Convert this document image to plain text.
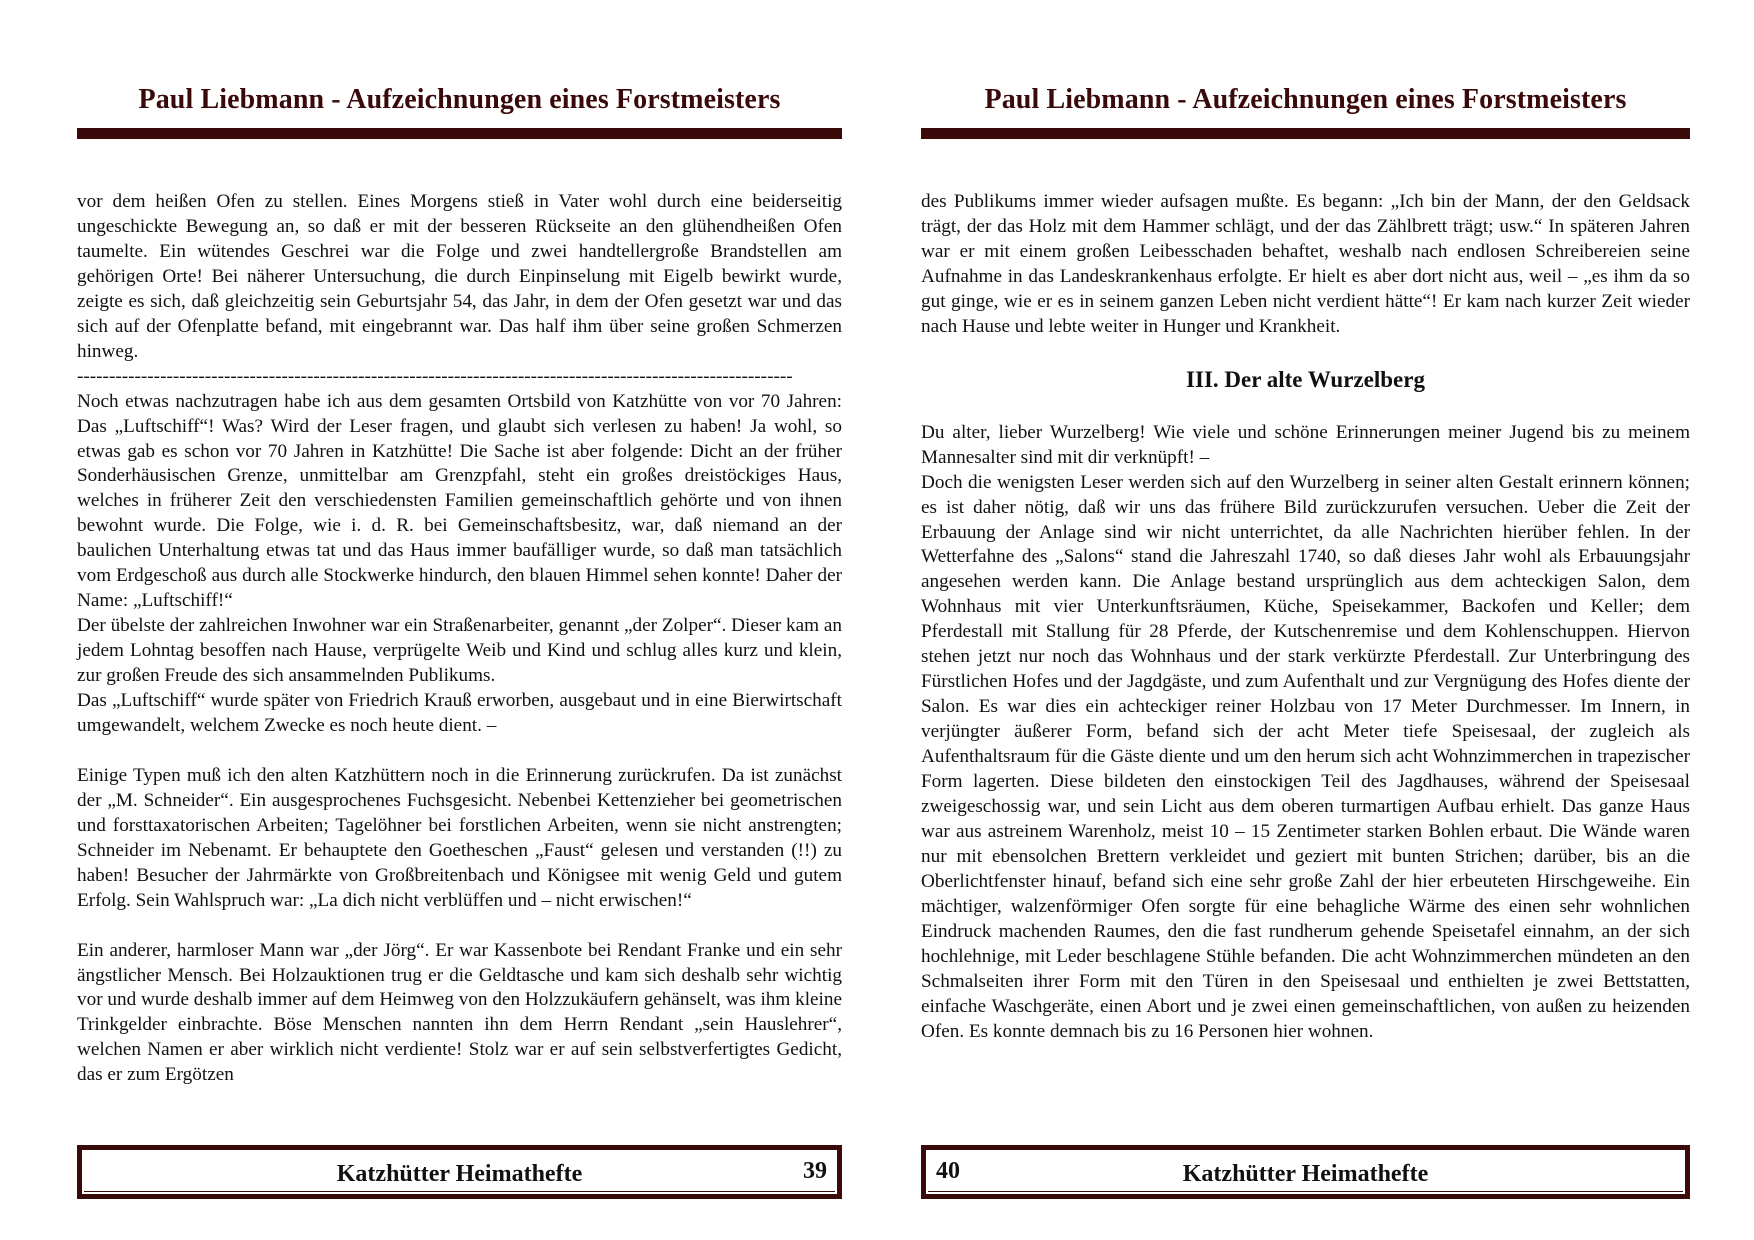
Paul Liebmann - Aufzeichnungen eines Forstmeisters

vor dem heißen Ofen zu stellen. Eines Morgens stieß in Vater wohl durch eine beiderseitig ungeschickte Bewegung an, so daß er mit der besseren Rückseite an den glühendheißen Ofen taumelte. Ein wütendes Geschrei war die Folge und zwei handtellergroße Brandstellen am gehörigen Orte! Bei näherer Untersuchung, die durch Einpinselung mit Eigelb bewirkt wurde, zeigte es sich, daß gleichzeitig sein Geburtsjahr 54, das Jahr, in dem der Ofen gesetzt war und das sich auf der Ofenplatte befand, mit eingebrannt war. Das half ihm über seine großen Schmerzen hinweg.

----------------------------------------------------------------------------------------------------------------

Noch etwas nachzutragen habe ich aus dem gesamten Ortsbild von Katzhütte von vor 70 Jahren: Das „Luftschiff“! Was? Wird der Leser fragen, und glaubt sich verlesen zu haben! Ja wohl, so etwas gab es schon vor 70 Jahren in Katzhütte! Die Sache ist aber folgende: Dicht an der früher Sonderhäusischen Grenze, unmittelbar am Grenzpfahl, steht ein großes dreistöckiges Haus, welches in früherer Zeit den verschiedensten Familien gemeinschaftlich gehörte und von ihnen bewohnt wurde. Die Folge, wie i. d. R. bei Gemeinschaftsbesitz, war, daß niemand an der baulichen Unterhaltung etwas tat und das Haus immer baufälliger wurde, so daß man tatsächlich vom Erdgeschoß aus durch alle Stockwerke hindurch, den blauen Himmel sehen konnte! Daher der Name: „Luftschiff!“

Der übelste der zahlreichen Inwohner war ein Straßenarbeiter, genannt „der Zolper“. Dieser kam an jedem Lohntag besoffen nach Hause, verprügelte Weib und Kind und schlug alles kurz und klein, zur großen Freude des sich ansammelnden Publikums.

Das „Luftschiff“ wurde später von Friedrich Krauß erworben, ausgebaut und in eine Bierwirtschaft umgewandelt, welchem Zwecke es noch heute dient. –

Einige Typen muß ich den alten Katzhüttern noch in die Erinnerung zurückrufen. Da ist zunächst der „M. Schneider“. Ein ausgesprochenes Fuchsgesicht. Nebenbei Kettenzieher bei geometrischen und forsttaxatorischen Arbeiten; Tagelöhner bei forstlichen Arbeiten, wenn sie nicht anstrengten; Schneider im Nebenamt. Er behauptete den Goetheschen „Faust“ gelesen und verstanden (!!) zu haben! Besucher der Jahrmärkte von Großbreitenbach und Königsee mit wenig Geld und gutem Erfolg. Sein Wahlspruch war: „La dich nicht verblüffen und – nicht erwischen!“

Ein anderer, harmloser Mann war „der Jörg“. Er war Kassenbote bei Rendant Franke und ein sehr ängstlicher Mensch. Bei Holzauktionen trug er die Geldtasche und kam sich deshalb sehr wichtig vor und wurde deshalb immer auf dem Heimweg von den Holzzukäufern gehänselt, was ihm kleine Trinkgelder einbrachte. Böse Menschen nannten ihn dem Herrn Rendant „sein Hauslehrer“, welchen Namen er aber wirklich nicht verdiente! Stolz war er auf sein selbstverfertigtes Gedicht, das er zum Ergötzen

Katzhütter Heimathefte	39
Paul Liebmann - Aufzeichnungen eines Forstmeisters

des Publikums immer wieder aufsagen mußte. Es begann: „Ich bin der Mann, der den Geldsack trägt, der das Holz mit dem Hammer schlägt, und der das Zählbrett trägt; usw.“ In späteren Jahren war er mit einem großen Leibesschaden behaftet, weshalb nach endlosen Schreibereien seine Aufnahme in das Landeskrankenhaus erfolgte. Er hielt es aber dort nicht aus, weil – „es ihm da so gut ginge, wie er es in seinem ganzen Leben nicht verdient hätte“! Er kam nach kurzer Zeit wieder nach Hause und lebte weiter in Hunger und Krankheit.

III. Der alte Wurzelberg

Du alter, lieber Wurzelberg! Wie viele und schöne Erinnerungen meiner Jugend bis zu meinem Mannesalter sind mit dir verknüpft! –

Doch die wenigsten Leser werden sich auf den Wurzelberg in seiner alten Gestalt erinnern können; es ist daher nötig, daß wir uns das frühere Bild zurückzurufen versuchen. Ueber die Zeit der Erbauung der Anlage sind wir nicht unterrichtet, da alle Nachrichten hierüber fehlen. In der Wetterfahne des „Salons“ stand die Jahreszahl 1740, so daß dieses Jahr wohl als Erbauungsjahr angesehen werden kann. Die Anlage bestand ursprünglich aus dem achteckigen Salon, dem Wohnhaus mit vier Unterkunftsräumen, Küche, Speisekammer, Backofen und Keller; dem Pferdestall mit Stallung für 28 Pferde, der Kutschenremise und dem Kohlenschuppen. Hiervon stehen jetzt nur noch das Wohnhaus und der stark verkürzte Pferdestall. Zur Unterbringung des Fürstlichen Hofes und der Jagdgäste, und zum Aufenthalt und zur Vergnügung des Hofes diente der Salon. Es war dies ein achteckiger reiner Holzbau von 17 Meter Durchmesser. Im Innern, in verjüngter äußerer Form, befand sich der acht Meter tiefe Speisesaal, der zugleich als Aufenthaltsraum für die Gäste diente und um den herum sich acht Wohnzimmerchen in trapezischer Form lagerten. Diese bildeten den einstockigen Teil des Jagdhauses, während der Speisesaal zweigeschossig war, und sein Licht aus dem oberen turmartigen Aufbau erhielt. Das ganze Haus war aus astreinem Warenholz, meist 10 – 15 Zentimeter starken Bohlen erbaut. Die Wände waren nur mit ebensolchen Brettern verkleidet und geziert mit bunten Strichen; darüber, bis an die Oberlichtfenster hinauf, befand sich eine sehr große Zahl der hier erbeuteten Hirschgeweihe. Ein mächtiger, walzenförmiger Ofen sorgte für eine behagliche Wärme des einen sehr wohnlichen Eindruck machenden Raumes, den die fast rundherum gehende Speisetafel einnahm, an der sich hochlehnige, mit Leder beschlagene Stühle befanden. Die acht Wohnzimmerchen mündeten an den Schmalseiten ihrer Form mit den Türen in den Speisesaal und enthielten je zwei Bettstatten, einfache Waschgeräte, einen Abort und je zwei einen gemeinschaftlichen, von außen zu heizenden Ofen. Es konnte demnach bis zu 16 Personen hier wohnen.

40	Katzhütter Heimathefte
